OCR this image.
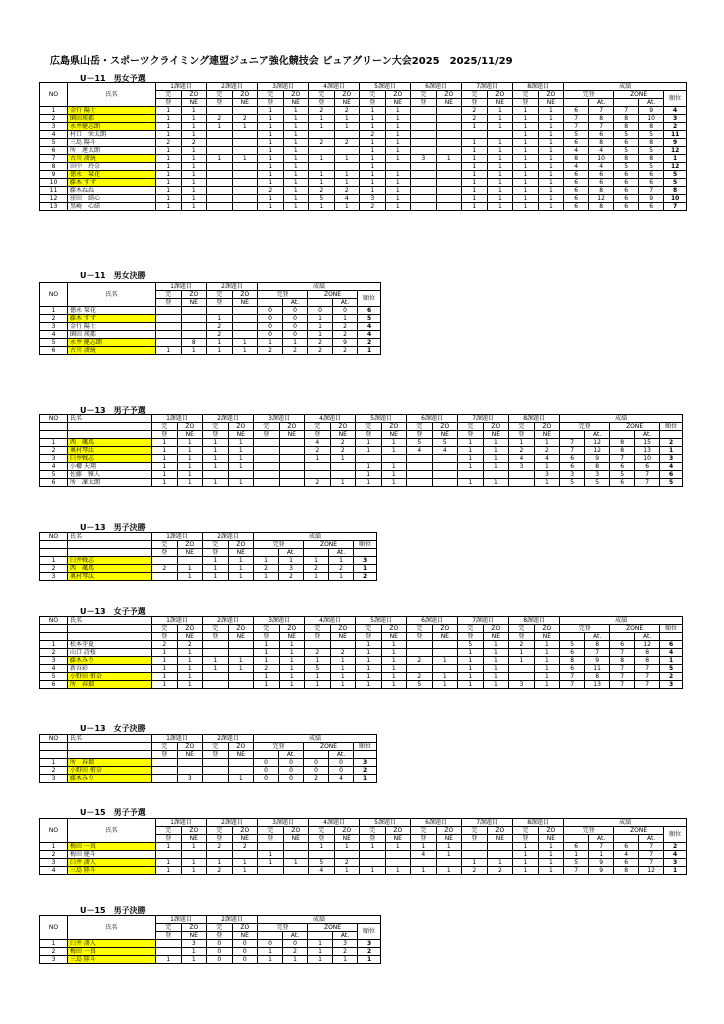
広島県山岳・スポーツクライミング連盟ジュニア強化競技会 ピュアグリーン大会2025　2025/11/29
U－11　男女予選
NO	氏名	1課題目		2課題目		3課題目		4課題目		5課題目		6課題目		7課題目		8課題目		成績				
		完	ZO	完	ZO	完	ZO	完	ZO	完	ZO	完	ZO	完	ZO	完	ZO	完登		ZONE		順位
		登	NE	登	NE	登	NE	登	NE	登	NE	登	NE	登	NE	登	NE		At.		At.	
1	金行 陽士	1	1			1	1	2	2	1	1			2	1	1	1	6	7	7	9	4
2	園田瑛都	1	1	2	2	1	1	1	1	1	1			2	1	1	1	7	8	8	10	3
3	永井健志朗	1	1	1	1	1	1	1	1	1	1			1	1	1	1	7	7	8	8	2
4	村口　栄太朗	1	1			1	1			2	1					1	1	5	6	5	5	11
5	三島 陽斗	2	2			1	1	2	2	1	1			1	1	1	1	6	8	6	8	9
6	所　連太朗	1	1			1	1			1	1			1	1	1	1	4	4	5	5	12
7	古川 湊統	1	1	1	1	1	1	1	1	1	1	3	1	1	1	1	1	8	10	8	8	1
8	田中　玲奈	1	1			1	1			1				1	1	1	1	4	4	5	5	12
9	徳永　栞花	1	1			1	1	1	1	1	1			1	1	1	1	6	6	6	6	5
10	藤木 すず	1	1			1	1	1	1	1	1			1	1	1	1	6	6	6	6	5
11	藤木ねね	1	1			2	1	2	2	1	1			1	1	1	1	6	8	6	7	8
12	窪田　結心	1	1			1	1	5	4	3	1			1	1	1	1	6	12	6	9	10
13	黒崎　心結	1	1			1	1	1	1	2	1			1	1	1	1	6	8	6	6	7
U－11　男女決勝
NO	氏名	1課題目		2課題目		成績				
		完	ZO	完	ZO	完登		ZONE		順位
		登	NE	登	NE		At.		At.	
1	徳永 栞花					0	0	0	0	6
2	藤木 すず			1		0	0	1	1	5
3	金行 陽士			2		0	0	1	2	4
4	園田 瑛都			2		0	0	1	2	4
5	永井 健志朗		8	1	1	1	1	2	9	2
6	古川 湊統	1	1	1	1	2	2	2	2	1
U－13　男子予選
NO	氏名	1課題目		2課題目		3課題目		4課題目		5課題目		6課題目		7課題目		8課題目		成績				
		完	ZO	完	ZO	完	ZO	完	ZO	完	ZO	完	ZO	完	ZO	完	ZO	完登		ZONE		順位
		登	NE	登	NE	登	NE	登	NE	登	NE	登	NE	登	NE	登	NE		At.		At.	
1	西　颯馬	1	1	1	1			4	2	1	1	5	5	1	1	1	1	7	12	8	15	2
2	奥村琴汰	1	1	1	1			2	2	1	1	4	4	1	1	2	2	7	12	8	13	1
3	臼井戦志	1	1	1	1			1	1					1	1	4	4	6	9	7	10	3
4	小櫻 天翔	1	1	1	1					1	1			1	1	3	1	6	8	6	6	4
5	佐藤　雅人	1	1							1	1						3	3	3	5	7	6
6	所　凜太朗	1	1	1	1			2	1	1	1			1	1		1	5	5	6	7	5
U－13　男子決勝
NO	氏名	1課題目		2課題目		成績				
		完	ZO	完	ZO	完登		ZONE		順位
		登	NE	登	NE		At.		At.	
1	臼井戦志			1	1	1	1	1	1	3
2	西　颯馬	2	1	1	1	2	3	2	2	1
3	奥村琴汰		1	1	1	1	2	1	1	2
U－13　女子予選
NO	氏名	1課題目		2課題目		3課題目		4課題目		5課題目		6課題目		7課題目		8課題目		成績				
		完	ZO	完	ZO	完	ZO	完	ZO	完	ZO	完	ZO	完	ZO	完	ZO	完登		ZONE		順位
		登	NE	登	NE	登	NE	登	NE	登	NE	登	NE	登	NE	登	NE		At.		At.	
1	松本芽夏	2	2			1	1			1	1			5	1	2	1	5	8	6	12	6
2	山口 詩桜	1	1			1	1	2	2	1	1			1	1	1	1	6	7	7	8	4
3	藤木みり	1	1	1	1	1	1	1	1	1	1	2	1	1	1	1	1	8	9	8	8	1
4	新谷彩	1	1	1	1	2	1	5	1	1	1			1	1		1	6	11	7	7	5
5	小野田 侑奈	1	1			1	1	1	1	1	1	2	1	1	1		1	7	8	7	7	2
6	所　春瑠	1	1			1	1	1	1	1	1	5	1	1	1	3	1	7	13	7	7	3
U－13　女子決勝
NO	氏名	1課題目		2課題目		成績				
		完	ZO	完	ZO	完登		ZONE		順位
		登	NE	登	NE		At.		At.	
1	所　春瑠					0	0	0	0	3
2	小野田 侑奈					0	0	0	0	2
3	藤木みり		3		1	0	0	2	4	1
U－15　男子予選
NO	氏名	1課題目		2課題目		3課題目		4課題目		5課題目		6課題目		7課題目		8課題目		成績				
		完	ZO	完	ZO	完	ZO	完	ZO	完	ZO	完	ZO	完	ZO	完	ZO	完登		ZONE		順位
		登	NE	登	NE	登	NE	登	NE	登	NE	登	NE	登	NE	登	NE		At.		At.	
1	梅田 一真	1	1	2	2			1	1	1	1	1	1			1	1	6	7	6	7	2
2	梅田 健斗					1						4	1			1	1	1	1	4	7	4
3	臼井 湊人	1	1	1	1	1	1	5	2					1	1	1	1	5	9	6	7	3
4	三島 陸斗	1	1	2	1			4	1	1	1	1	1	2	2	1	1	7	9	8	12	1
U－15　男子決勝
NO	氏名	1課題目		2課題目		成績				
		完	ZO	完	ZO	完登		ZONE		順位
		登	NE	登	NE		At.		At.	
1	臼井 湊人		3	0	0	0	0	1	3	3
2	梅田 一真		1	0	0	1	2	1	2	2
3	三島 陸斗	1	1	0	0	1	1	1	1	1
